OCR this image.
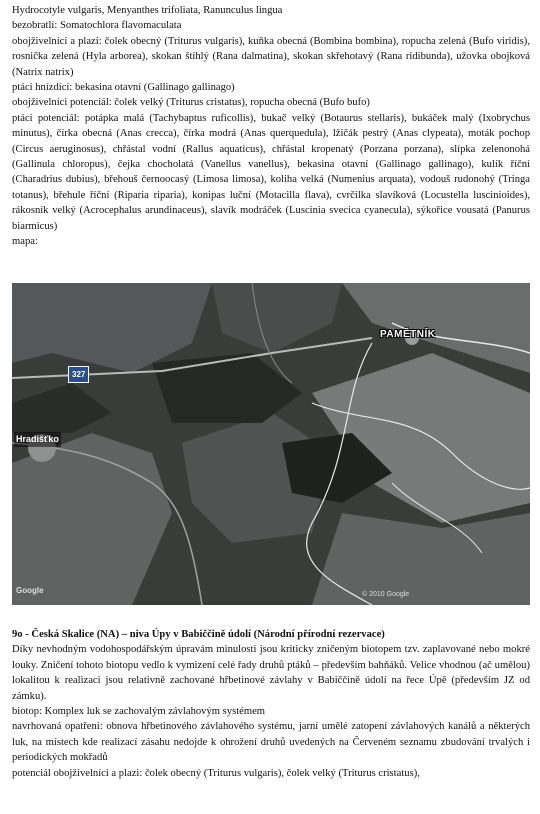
Hydrocotyle vulgaris, Menyanthes trifoliata, Ranunculus lingua
bezobratlí: Somatochlora flavomaculata
obojživelníci a plazi: čolek obecný (Triturus vulgaris), kuňka obecná (Bombina bombina), ropucha zelená (Bufo viridis), rosnička zelená (Hyla arborea), skokan štíhlý (Rana dalmatina), skokan skřehotavý (Rana ridibunda), užovka obojková (Natrix natrix)
ptáci hnízdící: bekasina otavní (Gallinago gallinago)
obojživelníci potenciál: čolek velký (Triturus cristatus), ropucha obecná (Bufo bufo)
ptáci potenciál: potápka malá (Tachybaptus ruficollis), bukač velký (Botaurus stellaris), bukáček malý (Ixobrychus minutus), čírka obecná (Anas crecca), čírka modrá (Anas querquedula), lžičák pestrý (Anas clypeata), moták pochop (Circus aeruginosus), chřástal vodní (Rallus aquaticus), chřástal kropenatý (Porzana porzana), slípka zelenonohá (Gallinula chloropus), čejka chocholatá (Vanellus vanellus), bekasina otavní (Gallinago gallinago), kulík říční (Charadrius dubius), břehouš černoocasý (Limosa limosa), koliha velká (Numenius arquata), vodouš rudonohý (Tringa totanus), břehule říční (Riparia riparia), konipas luční (Motacilla flava), cvrčilka slavíková (Locustella luscinioides), rákosník velký (Acrocephalus arundinaceus), slavík modráček (Luscinia svecica cyanecula), sýkořice vousatá (Panurus biarmicus)
mapa:
PAMĚTNÍK
327
Hradišťko
Google	© 2010 Google
9o - Česká Skalice (NA) – niva Úpy v Babiččině údolí (Národní přírodní rezervace)
Díky nevhodným vodohospodářským úpravám minulosti jsou kriticky zničeným biotopem tzv. zaplavované nebo mokré louky. Zničení tohoto biotopu vedlo k vymizení celé řady druhů ptáků – především bahňáků. Velice vhodnou (ač umělou) lokalitou k realizaci jsou relativně zachované hřbetinové závlahy v Babiččině údolí na řece Úpě (především JZ od zámku).
biotop: Komplex luk se zachovalým závlahovým systémem
navrhovaná opatření: obnova hřbetinového závlahového systému, jarní umělé zatopení závlahových kanálů a některých luk, na místech kde realizací zásahu nedojde k ohrožení druhů uvedených na Červeném seznamu zbudování trvalých i periodických mokřadů
potenciál obojživelníci a plazi: čolek obecný (Triturus vulgaris), čolek velký (Triturus cristatus),
